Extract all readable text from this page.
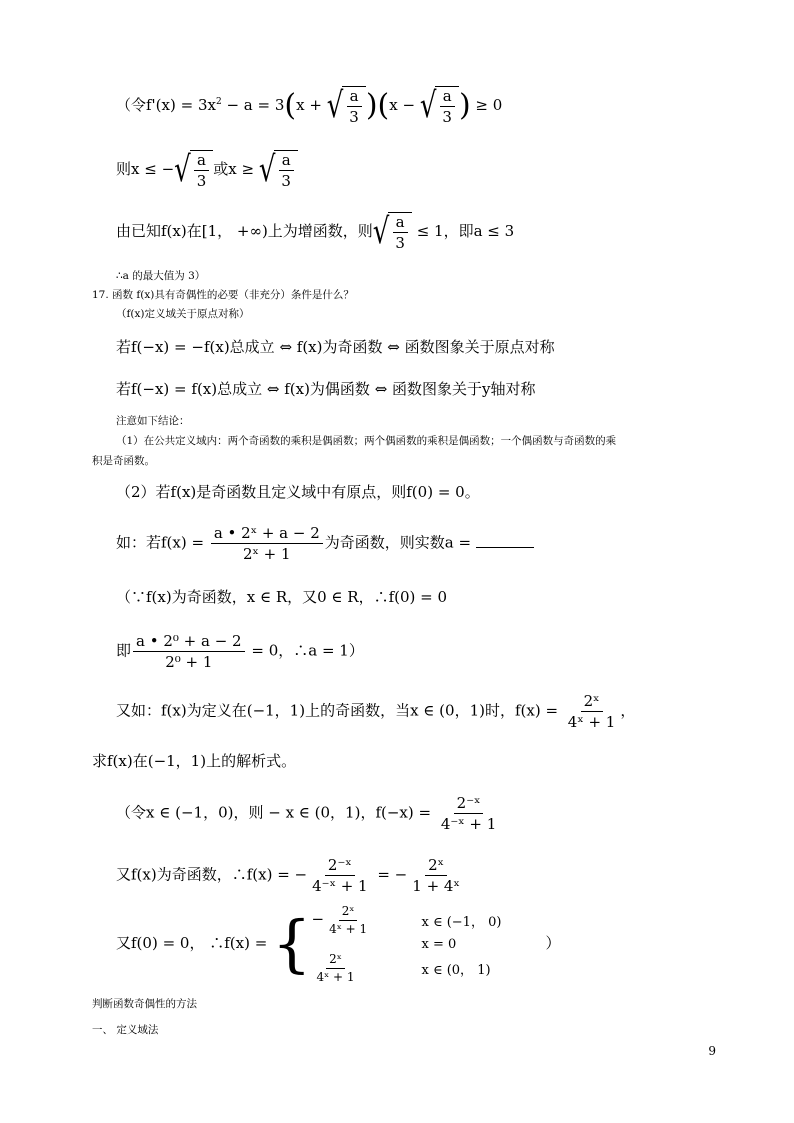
（令$f'(x) = 3x^2 - a = 3(x$ + √ $\frac{a}{3} )(x$ − √ $\frac{a}{3}$ ) ≥ 0
则x ≤ − √ $\frac{a}{3}$ 或x ≥ √ $\frac{a}{3}$
由已知f(x)在[1， +∞)上为增函数，则 √ $\frac{a}{3} \le 1$，即a ≤ 3
∴a 的最大值为 3）
17. 函数 f(x)具有奇偶性的必要（非充分）条件是什么？
（f(x)定义域关于原点对称）
若f(−x) = −f(x)总成立 ⇔ f(x)为奇函数 ⇔ 函数图象关于原点对称
若f(−x) = f(x)总成立 ⇔ f(x)为偶函数 ⇔ 函数图象关于y轴对称
注意如下结论：
（1）在公共定义域内：两个奇函数的乘积是偶函数；两个偶函数的乘积是偶函数；一个偶函数与奇函数的乘
积是奇函数。
（2）若f(x)是奇函数且定义域中有原点，则f(0) = 0。
如：若$f(x) = \frac{\text{a • 2ˣ + a − 2}}{\text{2ˣ + 1}}$ 为奇函数，则实数a =
（∵f(x)为奇函数，x ∈ R，又0 ∈ R，∴f(0) = 0
即 $\frac{\text{a • 2⁰ + a − 2}}{\text{2⁰ + 1}} = 0$，∴a = 1）
又如：f(x)为定义在(−1，1)上的奇函数，当x ∈ (0，1)时，$f(x) = \frac{\text{2ˣ}}{\text{4ˣ + 1}}$ ，
求f(x)在(−1，1)上的解析式。
（令x ∈ (−1，0)，则 − x ∈ (0，1)，$f(-x) = \frac{\text{2⁻ˣ}}{\text{4⁻ˣ + 1}}$
又f(x)为奇函数，∴f(x) = − $\frac{\text{2⁻ˣ}}{\text{4⁻ˣ + 1}}$ = − $\frac{\text{2ˣ}}{\text{1 + 4ˣ}}$
又f(0) = 0， ∴f(x) = { − $\frac{\text{2ˣ}}{\text{4ˣ + 1}}$	x ∈ (−1， 0)
x = 0
$\frac{\text{2ˣ}}{\text{4ˣ + 1}}$	x ∈ (0， 1)
）
判断函数奇偶性的方法
一、 定义域法
9
